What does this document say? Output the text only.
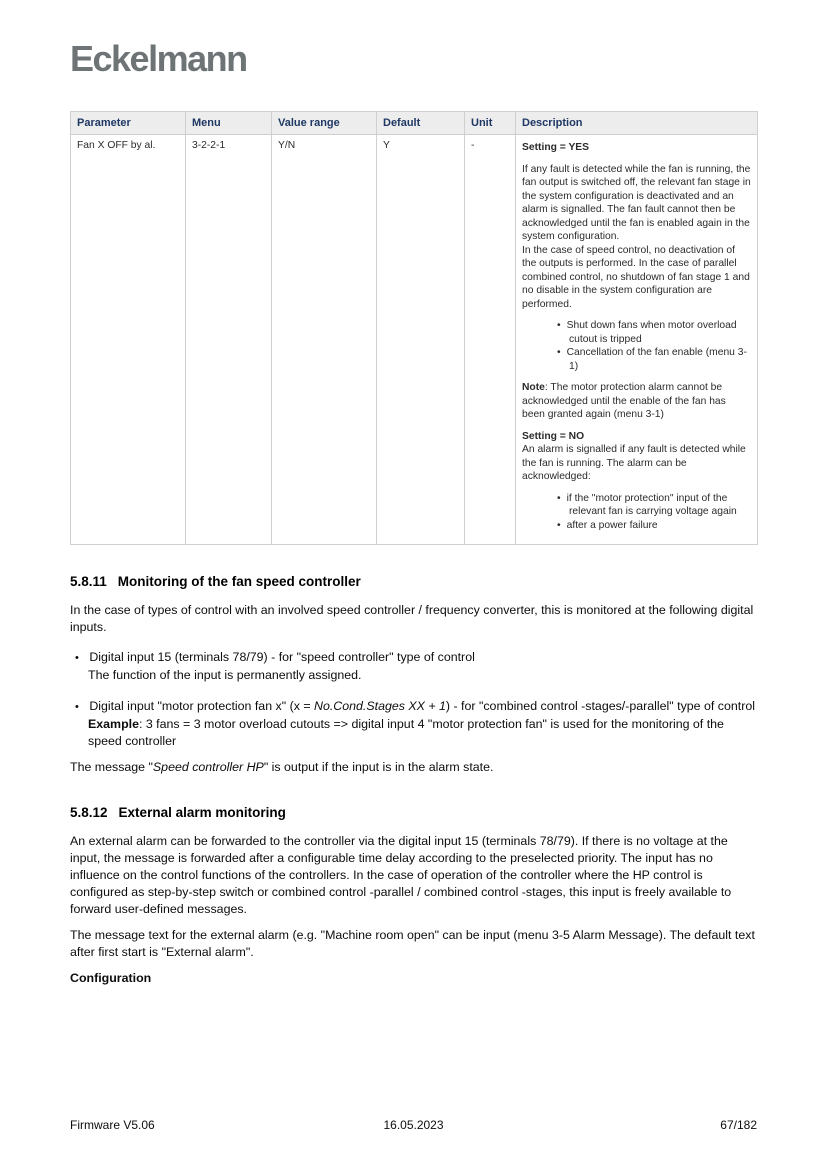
Eckelmann
Parameter	Menu	Value range	Default	Unit	Description
Fan X OFF by al.	3-2-2-1	Y/N	Y	-	Setting = YES

If any fault is detected while the fan is running, the fan output is switched off, the relevant fan stage in the system configuration is deactivated and an alarm is signalled. The fan fault cannot then be acknowledged until the fan is enabled again in the system configuration.

In the case of speed control, no deactivation of the outputs is performed. In the case of parallel combined control, no shutdown of fan stage 1 and no disable in the system configuration are performed.

• Shut down fans when motor overload cutout is tripped
• Cancellation of the fan enable (menu 3-1)

Note: The motor protection alarm cannot be acknowledged until the enable of the fan has been granted again (menu 3-1)

Setting = NO

An alarm is signalled if any fault is detected while the fan is running. The alarm can be acknowledged:

• if the "motor protection" input of the relevant fan is carrying voltage again
• after a power failure
5.8.11 Monitoring of the fan speed controller

In the case of types of control with an involved speed controller / frequency converter, this is monitored at the following digital inputs.

• Digital input 15 (terminals 78/79) - for "speed controller" type of control
The function of the input is permanently assigned.
• Digital input "motor protection fan x" (x = No.Cond.Stages XX + 1) - for "combined control -stages/-parallel" type of control
Example: 3 fans = 3 motor overload cutouts => digital input 4 "motor protection fan" is used for the monitoring of the speed controller

The message "Speed controller HP" is output if the input is in the alarm state.

5.8.12 External alarm monitoring

An external alarm can be forwarded to the controller via the digital input 15 (terminals 78/79). If there is no voltage at the input, the message is forwarded after a configurable time delay according to the preselected priority. The input has no influence on the control functions of the controllers. In the case of operation of the controller where the HP control is configured as step-by-step switch or combined control -parallel / combined control -stages, this input is freely available to forward user-defined messages.

The message text for the external alarm (e.g. "Machine room open" can be input (menu 3-5 Alarm Message). The default text after first start is "External alarm".

Configuration

Firmware V5.06	16.05.2023	67/182
